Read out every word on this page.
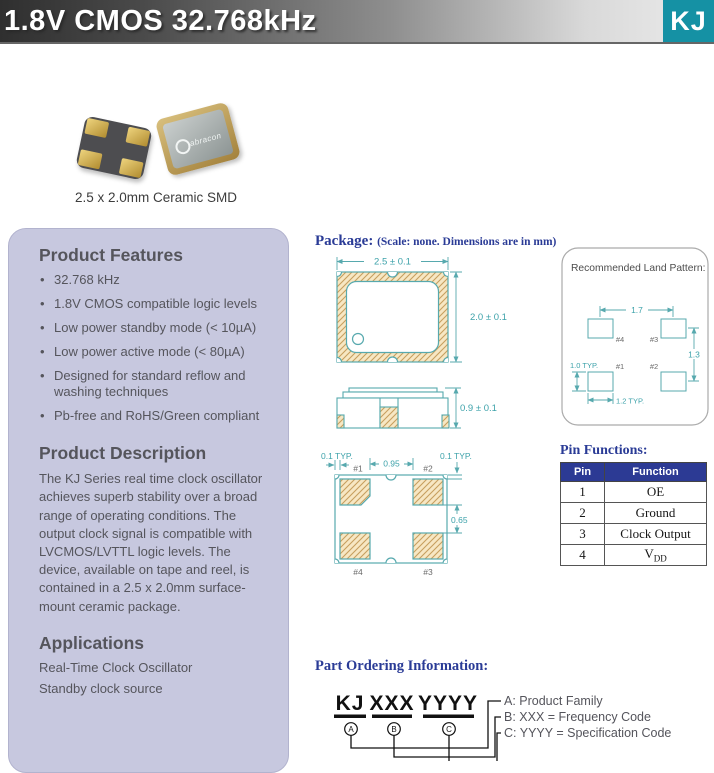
1.8V CMOS 32.768kHz	KJ
abracon
2.5 x 2.0mm Ceramic SMD
Product Features
• 32.768 kHz
• 1.8V CMOS compatible logic levels
• Low power standby mode (< 10µA)
• Low power active mode (< 80µA)
• Designed for standard reflow and washing techniques
• Pb-free and RoHS/Green compliant
Product Description

The KJ Series real time clock oscillator achieves superb stability over a broad range of operating conditions. The output clock signal is compatible with LVCMOS/LVTTL logic levels. The device, available on tape and reel, is contained in a 2.5 x 2.0mm surface-mount ceramic package.

Applications
Real-Time Clock Oscillator
Standby clock source
Package: (Scale: none. Dimensions are in mm)
Pin Functions:
Part Ordering Information:
Pin	Function
1	OE
2	Ground
3	Clock Output
4	$V_{DD}$
2.5 ± 0.1
2.0 ± 0.1
0.9 ± 0.1
0.1 TYP.	0.1 TYP.
0.95
#1	#2
#4	#3
0.65
Recommended Land Pattern:
#4	#3
#1	#2
1.7
1.3
1.0 TYP.
1.2 TYP.
KJ XXX YYYY
A	B	C
A: Product Family
B: XXX = Frequency Code
C: YYYY = Specification Code
